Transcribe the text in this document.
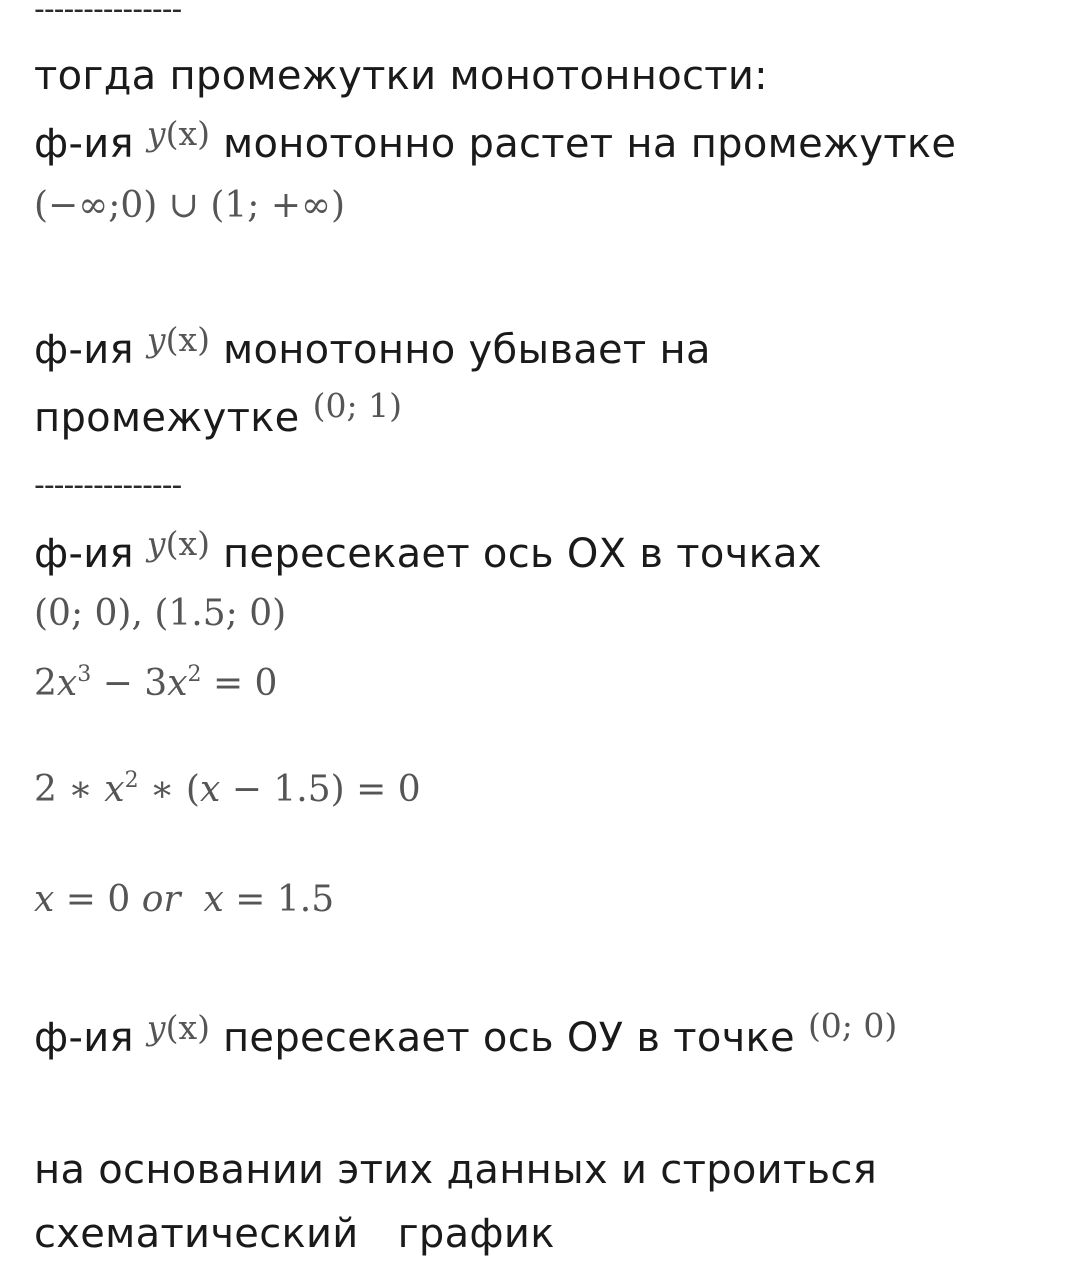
---------------
тогда промежутки монотонности:
ф-ия $^{y(x)}$ монотонно растет на промежутке
(−∞;0) ∪ (1; +∞)
ф-ия $^{y(x)}$ монотонно убывает на
промежутке $^{(0; 1)}$
---------------
ф-ия $^{y(x)}$ пересекает ось ОХ в точках
(0; 0), (1.5; 0)
$2x^3 - 3x^2 = 0$
2 ∗ $x^2$ ∗ (x − 1.5) = 0
x = 0 or x = 1.5
ф-ия $^{y(x)}$ пересекает ось ОУ в точке $^{(0; 0)}$
на основании этих данных и строиться
схематический   график
